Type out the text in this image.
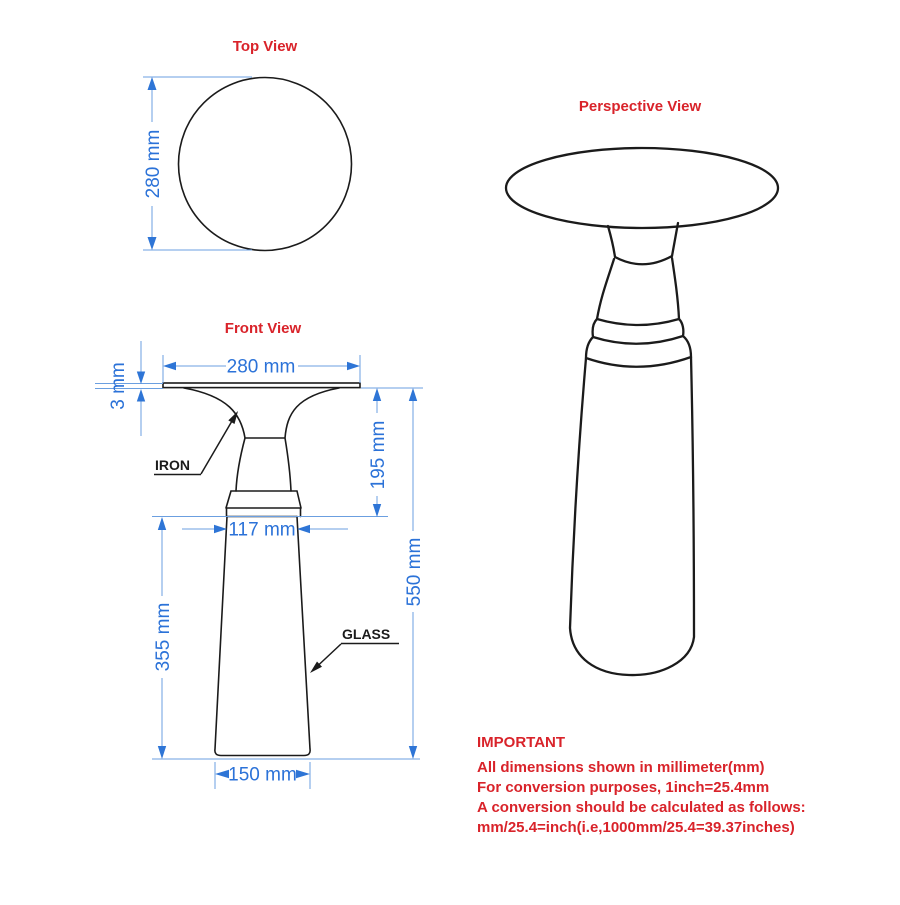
Top View
280 mm
Front View
280 mm
3 mm
195 mm
117 mm
550 mm
355 mm
150 mm
IRON
GLASS
Perspective View
IMPORTANT
All dimensions shown in millimeter(mm)
For conversion purposes, 1inch=25.4mm
A conversion should be calculated as follows:
mm/25.4=inch(i.e,1000mm/25.4=39.37inches)
